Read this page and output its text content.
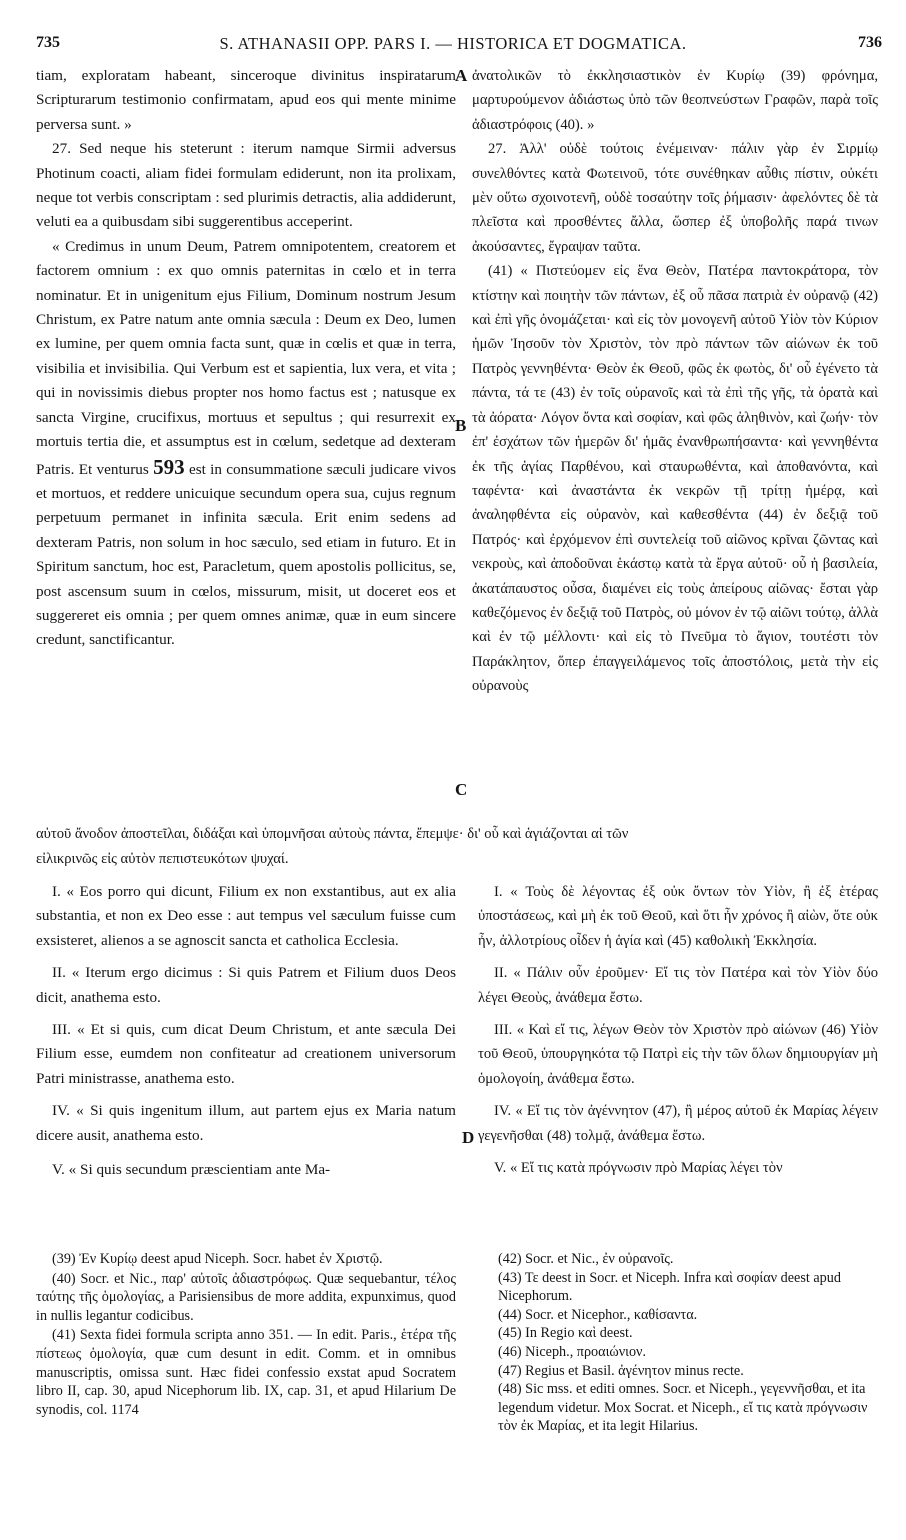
735	S. ATHANASII OPP. PARS I. — HISTORICA ET DOGMATICA.	736

tiam, exploratam habeant, sinceroque divinitus inspiratarum Scripturarum testimonio confirmatam, apud eos qui mente minime perversa sunt. »

27. Sed neque his steterunt : iterum namque Sirmii adversus Photinum coacti, aliam fidei formulam ediderunt, non ita prolixam, neque tot verbis conscriptam : sed plurimis detractis, alia addiderunt, veluti ea a quibusdam sibi suggerentibus acceperint.

« Credimus in unum Deum, Patrem omnipotentem, creatorem et factorem omnium : ex quo omnis paternitas in cœlo et in terra nominatur. Et in unigenitum ejus Filium, Dominum nostrum Jesum Christum, ex Patre natum ante omnia sæcula : Deum ex Deo, lumen ex lumine, per quem omnia facta sunt, quæ in cœlis et quæ in terra, visibilia et invisibilia. Qui Verbum est et sapientia, lux vera, et vita ; qui in novissimis diebus propter nos homo factus est ; natusque ex sancta Virgine, crucifixus, mortuus et sepultus ; qui resurrexit ex mortuis tertia die, et assumptus est in cœlum, sedetque ad dexteram Patris. Et venturus 593 est in consummatione sæculi judicare vivos et mortuos, et reddere unicuique secundum opera sua, cujus regnum perpetuum permanet in infinita sæcula. Erit enim sedens ad dexteram Patris, non solum in hoc sæculo, sed etiam in futuro. Et in Spiritum sanctum, hoc est, Paracletum, quem apostolis pollicitus, se, post ascensum suum in cœlos, missurum, misit, ut doceret eos et suggereret eis omnia ; per quem omnes animæ, quæ in eum sincere credunt, sanctificantur.

ἀνατολικῶν τὸ ἐκκλησιαστικὸν ἐν Κυρίῳ (39) φρόνημα, μαρτυρούμενον ἀδιάστως ὑπὸ τῶν θεοπνεύστων Γραφῶν, παρὰ τοῖς ἀδιαστρόφοις (40). »

27. Ἀλλ' οὐδὲ τούτοις ἐνέμειναν· πάλιν γὰρ ἐν Σιρμίῳ συνελθόντες κατὰ Φωτεινοῦ, τότε συνέθηκαν αὖθις πίστιν, οὐκέτι μὲν οὕτω σχοινοτενῆ, οὐδὲ τοσαύτην τοῖς ῥήμασιν· ἀφελόντες δὲ τὰ πλεῖστα καὶ προσθέντες ἄλλα, ὥσπερ ἐξ ὑποβολῆς παρά τινων ἀκούσαντες, ἔγραψαν ταῦτα.

(41) « Πιστεύομεν εἰς ἕνα Θεὸν, Πατέρα παντοκράτορα, τὸν κτίστην καὶ ποιητὴν τῶν πάντων, ἐξ οὗ πᾶσα πατριὰ ἐν οὐρανῷ (42) καὶ ἐπὶ γῆς ὀνομάζεται· καὶ εἰς τὸν μονογενῆ αὐτοῦ Υἱὸν τὸν Κύριον ἡμῶν Ἰησοῦν τὸν Χριστὸν, τὸν πρὸ πάντων τῶν αἰώνων ἐκ τοῦ Πατρὸς γεννηθέντα· Θεὸν ἐκ Θεοῦ, φῶς ἐκ φωτὸς, δι' οὗ ἐγένετο τὰ πάντα, τά τε (43) ἐν τοῖς οὐρανοῖς καὶ τὰ ἐπὶ τῆς γῆς, τὰ ὁρατὰ καὶ τὰ ἀόρατα· Λόγον ὄντα καὶ σοφίαν, καὶ φῶς ἀληθινὸν, καὶ ζωήν· τὸν ἐπ' ἐσχάτων τῶν ἡμερῶν δι' ἡμᾶς ἐνανθρωπήσαντα· καὶ γεννηθέντα ἐκ τῆς ἁγίας Παρθένου, καὶ σταυρωθέντα, καὶ ἀποθανόντα, καὶ ταφέντα· καὶ ἀναστάντα ἐκ νεκρῶν τῇ τρίτῃ ἡμέρᾳ, καὶ ἀναληφθέντα εἰς οὐρανὸν, καὶ καθεσθέντα (44) ἐν δεξιᾷ τοῦ Πατρός· καὶ ἐρχόμενον ἐπὶ συντελείᾳ τοῦ αἰῶνος κρῖναι ζῶντας καὶ νεκροὺς, καὶ ἀποδοῦναι ἑκάστῳ κατὰ τὰ ἔργα αὐτοῦ· οὗ ἡ βασιλεία, ἀκατάπαυστος οὖσα, διαμένει εἰς τοὺς ἀπείρους αἰῶνας· ἔσται γὰρ καθεζόμενος ἐν δεξιᾷ τοῦ Πατρὸς, οὐ μόνον ἐν τῷ αἰῶνι τούτῳ, ἀλλὰ καὶ ἐν τῷ μέλλοντι· καὶ εἰς τὸ Πνεῦμα τὸ ἅγιον, τουτέστι τὸν Παράκλητον, ὅπερ ἐπαγγειλάμενος τοῖς ἀποστόλοις, μετὰ τὴν εἰς οὐρανοὺς

A
B
C
D
αὐτοῦ ἄνοδον ἀποστεῖλαι, διδάξαι καὶ ὑπομνῆσαι αὐτοὺς πάντα, ἔπεμψε· δι' οὗ καὶ ἁγιάζονται αἱ τῶν
εἰλικρινῶς εἰς αὐτὸν πεπιστευκότων ψυχαί.

I. « Eos porro qui dicunt, Filium ex non exstantibus, aut ex alia substantia, et non ex Deo esse : aut tempus vel sæculum fuisse cum exsisteret, alienos a se agnoscit sancta et catholica Ecclesia.

II. « Iterum ergo dicimus : Si quis Patrem et Filium duos Deos dicit, anathema esto.

III. « Et si quis, cum dicat Deum Christum, et ante sæcula Dei Filium esse, eumdem non confiteatur ad creationem universorum Patri ministrasse, anathema esto.

IV. « Si quis ingenitum illum, aut partem ejus ex Maria natum dicere ausit, anathema esto.

V. « Si quis secundum præscientiam ante Ma-

I. « Τοὺς δὲ λέγοντας ἐξ οὐκ ὄντων τὸν Υἱὸν, ἢ ἐξ ἑτέρας ὑποστάσεως, καὶ μὴ ἐκ τοῦ Θεοῦ, καὶ ὅτι ἦν χρόνος ἢ αἰὼν, ὅτε οὐκ ἦν, ἀλλοτρίους οἶδεν ἡ ἁγία καὶ (45) καθολικὴ Ἐκκλησία.

II. « Πάλιν οὖν ἐροῦμεν· Εἴ τις τὸν Πατέρα καὶ τὸν Υἱὸν δύο λέγει Θεοὺς, ἀνάθεμα ἔστω.

III. « Καὶ εἴ τις, λέγων Θεὸν τὸν Χριστὸν πρὸ αἰώνων (46) Υἱὸν τοῦ Θεοῦ, ὑπουργηκότα τῷ Πατρὶ εἰς τὴν τῶν ὅλων δημιουργίαν μὴ ὁμολογοίη, ἀνάθεμα ἔστω.

IV. « Εἴ τις τὸν ἀγέννητον (47), ἢ μέρος αὐτοῦ ἐκ Μαρίας λέγειν γεγενῆσθαι (48) τολμᾷ, ἀνάθεμα ἔστω.

V. « Εἴ τις κατὰ πρόγνωσιν πρὸ Μαρίας λέγει τὸν

(39) Ἐν Κυρίῳ deest apud Niceph. Socr. habet ἐν Χριστῷ.

(40) Socr. et Nic., παρ' αὐτοῖς ἀδιαστρόφως. Quæ sequebantur, τέλος ταύτης τῆς ὁμολογίας, a Parisiensibus de more addita, expunximus, quod in nullis legantur codicibus.

(41) Sexta fidei formula scripta anno 351. — In edit. Paris., ἑτέρα τῆς πίστεως ὁμολογία, quæ cum desunt in edit. Comm. et in omnibus manuscriptis, omissa sunt. Hæc fidei confessio exstat apud Socratem libro II, cap. 30, apud Nicephorum lib. IX, cap. 31, et apud Hilarium De synodis, col. 1174

(42) Socr. et Nic., ἐν οὐρανοῖς.

(43) Τε deest in Socr. et Niceph. Infra καὶ σοφίαν deest apud Nicephorum.

(44) Socr. et Nicephor., καθίσαντα.

(45) In Regio καὶ deest.

(46) Niceph., προαιώνιον.

(47) Regius et Basil. ἀγένητον minus recte.

(48) Sic mss. et editi omnes. Socr. et Niceph., γεγεννῆσθαι, et ita legendum videtur. Mox Socrat. et Niceph., εἴ τις κατὰ πρόγνωσιν τὸν ἐκ Μαρίας, et ita legit Hilarius.
